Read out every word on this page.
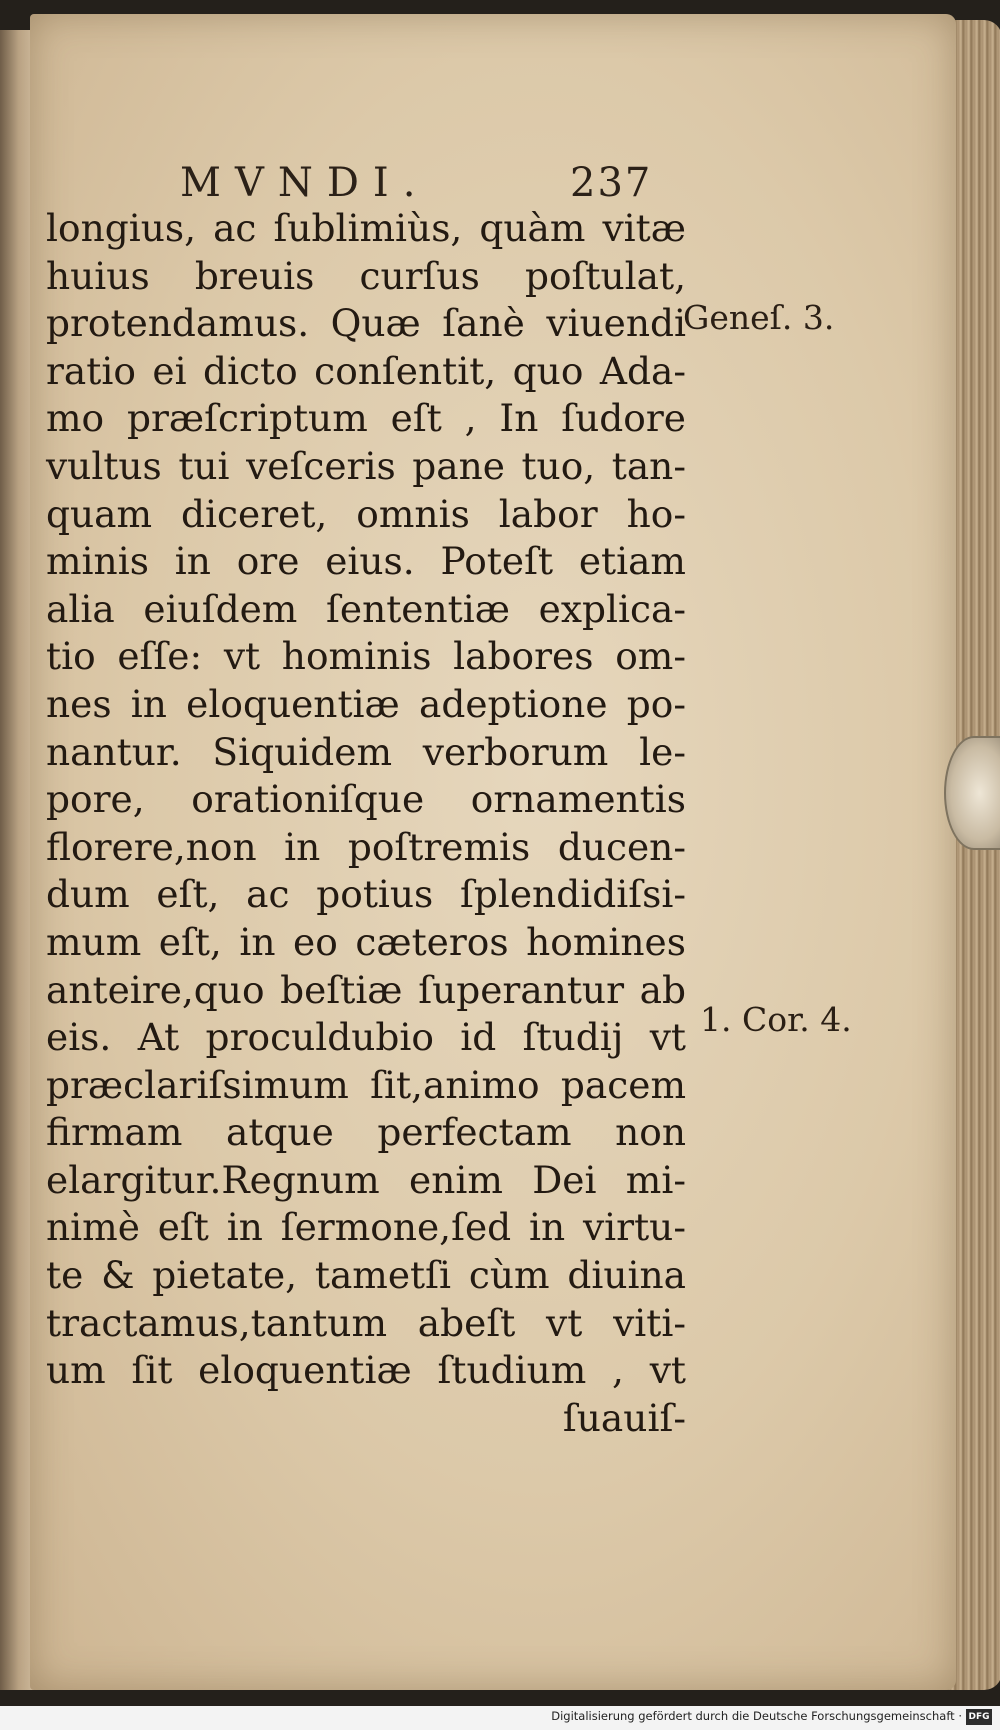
MVNDI.	237
longius, ac ſublimiùs, quàm vitæ
huius breuis curſus poſtulat,
protendamus. Quæ ſanè viuendi
ratio ei dicto conſentit, quo Ada-
mo præſcriptum eſt , In ſudore
vultus tui veſceris pane tuo, tan-
quam diceret, omnis labor ho-
minis in ore eius. Poteſt etiam
alia eiuſdem ſententiæ explica-
tio eſſe: vt hominis labores om-
nes in eloquentiæ adeptione po-
nantur. Siquidem verborum le-
pore, orationiſque ornamentis
florere,non in poſtremis ducen-
dum eſt, ac potius ſplendidiſsi-
mum eſt, in eo cæteros homines
anteire,quo beſtiæ ſuperantur ab
eis. At proculdubio id ſtudij vt
præclariſsimum ſit,animo pacem
firmam atque perfectam non
elargitur.Regnum enim Dei mi-
nimè eſt in ſermone,ſed in virtu-
te & pietate, tametſi cùm diuina
tractamus,tantum abeſt vt viti-
um ſit eloquentiæ ſtudium , vt
ſuauiſ-
Geneſ. 3.
1. Cor. 4.
Digitalisierung gefördert durch die Deutsche Forschungsgemeinschaft · DFG
